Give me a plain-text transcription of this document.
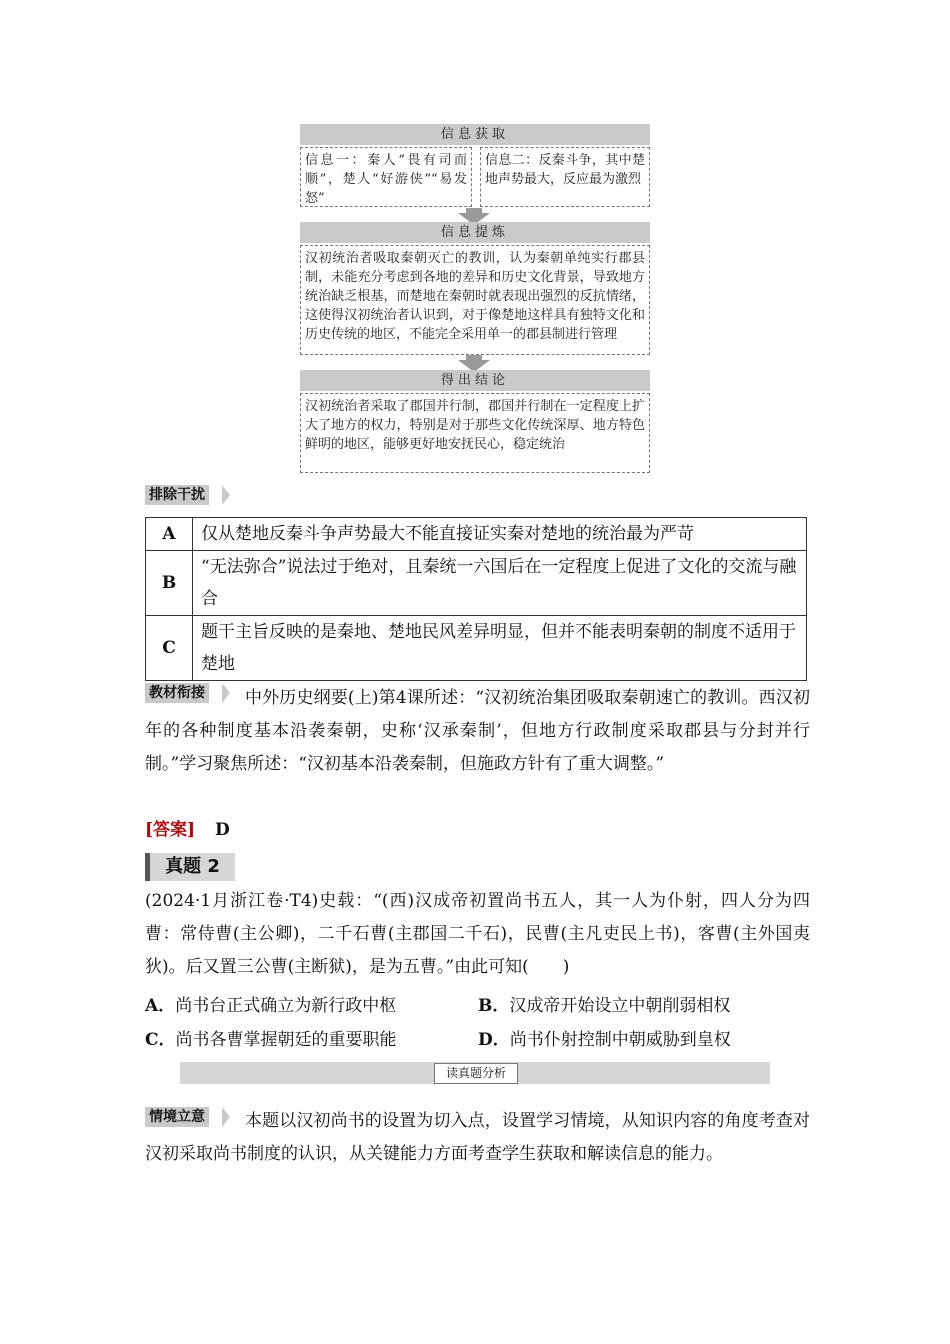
信息获取
信息一：秦人“畏有司而顺”，楚人“好游侠”“易发怒”
信息二：反秦斗争，其中楚地声势最大，反应最为激烈
信息提炼
汉初统治者吸取秦朝灭亡的教训，认为秦朝单纯实行郡县制，未能充分考虑到各地的差异和历史文化背景，导致地方统治缺乏根基，而楚地在秦朝时就表现出强烈的反抗情绪，这使得汉初统治者认识到，对于像楚地这样具有独特文化和历史传统的地区，不能完全采用单一的郡县制进行管理
得出结论
汉初统治者采取了郡国并行制，郡国并行制在一定程度上扩大了地方的权力，特别是对于那些文化传统深厚、地方特色鲜明的地区，能够更好地安抚民心，稳定统治
排除干扰
A	仅从楚地反秦斗争声势最大不能直接证实秦对楚地的统治最为严苛
B	“无法弥合”说法过于绝对，且秦统一六国后在一定程度上促进了文化的交流与融合
C	题干主旨反映的是秦地、楚地民风差异明显，但并不能表明秦朝的制度不适用于楚地
教材衔接	中外历史纲要(上)第4课所述：“汉初统治集团吸取秦朝速亡的教训。西汉初年的各种制度基本沿袭秦朝，史称‘汉承秦制’，但地方行政制度采取郡县与分封并行制。”学习聚焦所述：“汉初基本沿袭秦制，但施政方针有了重大调整。”
[答案] D
真题 2
(2024·1月浙江卷·T4)史载：“(西)汉成帝初置尚书五人，其一人为仆射，四人分为四曹：常侍曹(主公卿)，二千石曹(主郡国二千石)，民曹(主凡吏民上书)，客曹(主外国夷狄)。后又置三公曹(主断狱)，是为五曹。”由此可知(　　)
A．尚书台正式确立为新行政中枢	B．汉成帝开始设立中朝削弱相权
C．尚书各曹掌握朝廷的重要职能	D．尚书仆射控制中朝威胁到皇权
读真题分析
情境立意	本题以汉初尚书的设置为切入点，设置学习情境，从知识内容的角度考查对汉初采取尚书制度的认识，从关键能力方面考查学生获取和解读信息的能力。
